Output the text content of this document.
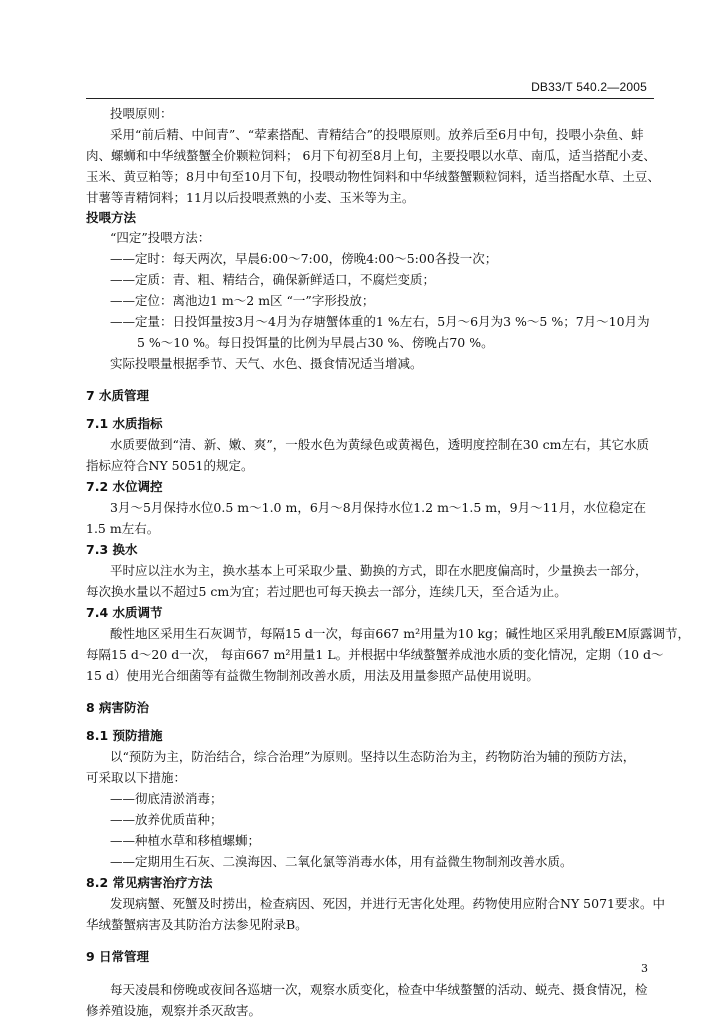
DB33/T 540.2—2005
投喂原则：
采用“前后精、中间青”、“荤素搭配、青精结合”的投喂原则。放养后至6月中旬，投喂小杂鱼、蚌
肉、螺蛳和中华绒螯蟹全价颗粒饲料； 6月下旬初至8月上旬，主要投喂以水草、南瓜，适当搭配小麦、
玉米、黄豆粕等；8月中旬至10月下旬，投喂动物性饲料和中华绒螯蟹颗粒饲料，适当搭配水草、土豆、
甘薯等青精饲料；11月以后投喂煮熟的小麦、玉米等为主。
投喂方法
“四定”投喂方法：
——定时：每天两次，早晨6:00～7:00，傍晚4:00～5:00各投一次；
——定质：青、粗、精结合，确保新鲜适口，不腐烂变质；
——定位：离池边1 m～2 m区 “一”字形投放；
——定量：日投饵量按3月～4月为存塘蟹体重的1 %左右，5月～6月为3 %～5 %；7月～10月为
5 %～10 %。每日投饵量的比例为早晨占30 %、傍晚占70 %。
实际投喂量根据季节、天气、水色、摄食情况适当增减。
7 水质管理
7.1 水质指标
水质要做到“清、新、嫩、爽”，一般水色为黄绿色或黄褐色，透明度控制在30 cm左右，其它水质
指标应符合NY 5051的规定。
7.2 水位调控
3月～5月保持水位0.5 m～1.0 m，6月～8月保持水位1.2 m～1.5 m，9月～11月，水位稳定在
1.5 m左右。
7.3 换水
平时应以注水为主，换水基本上可采取少量、勤换的方式，即在水肥度偏高时，少量换去一部分，
每次换水量以不超过5 cm为宜；若过肥也可每天换去一部分，连续几天，至合适为止。
7.4 水质调节
酸性地区采用生石灰调节，每隔15 d一次，每亩667 m²用量为10 kg；碱性地区采用乳酸EM原露调节，
每隔15 d～20 d一次， 每亩667 m²用量1 L。并根据中华绒螯蟹养成池水质的变化情况，定期（10 d～
15 d）使用光合细菌等有益微生物制剂改善水质，用法及用量参照产品使用说明。
8 病害防治
8.1 预防措施
以“预防为主，防治结合，综合治理”为原则。坚持以生态防治为主，药物防治为辅的预防方法，
可采取以下措施：
——彻底清淤消毒；
——放养优质苗种；
——种植水草和移植螺蛳；
——定期用生石灰、二溴海因、二氧化氯等消毒水体，用有益微生物制剂改善水质。
8.2 常见病害治疗方法
发现病蟹、死蟹及时捞出，检查病因、死因，并进行无害化处理。药物使用应附合NY 5071要求。中
华绒螯蟹病害及其防治方法参见附录B。
9 日常管理
每天凌晨和傍晚或夜间各巡塘一次，观察水质变化，检查中华绒螯蟹的活动、蜕壳、摄食情况，检
修养殖设施，观察并杀灭敌害。
3
